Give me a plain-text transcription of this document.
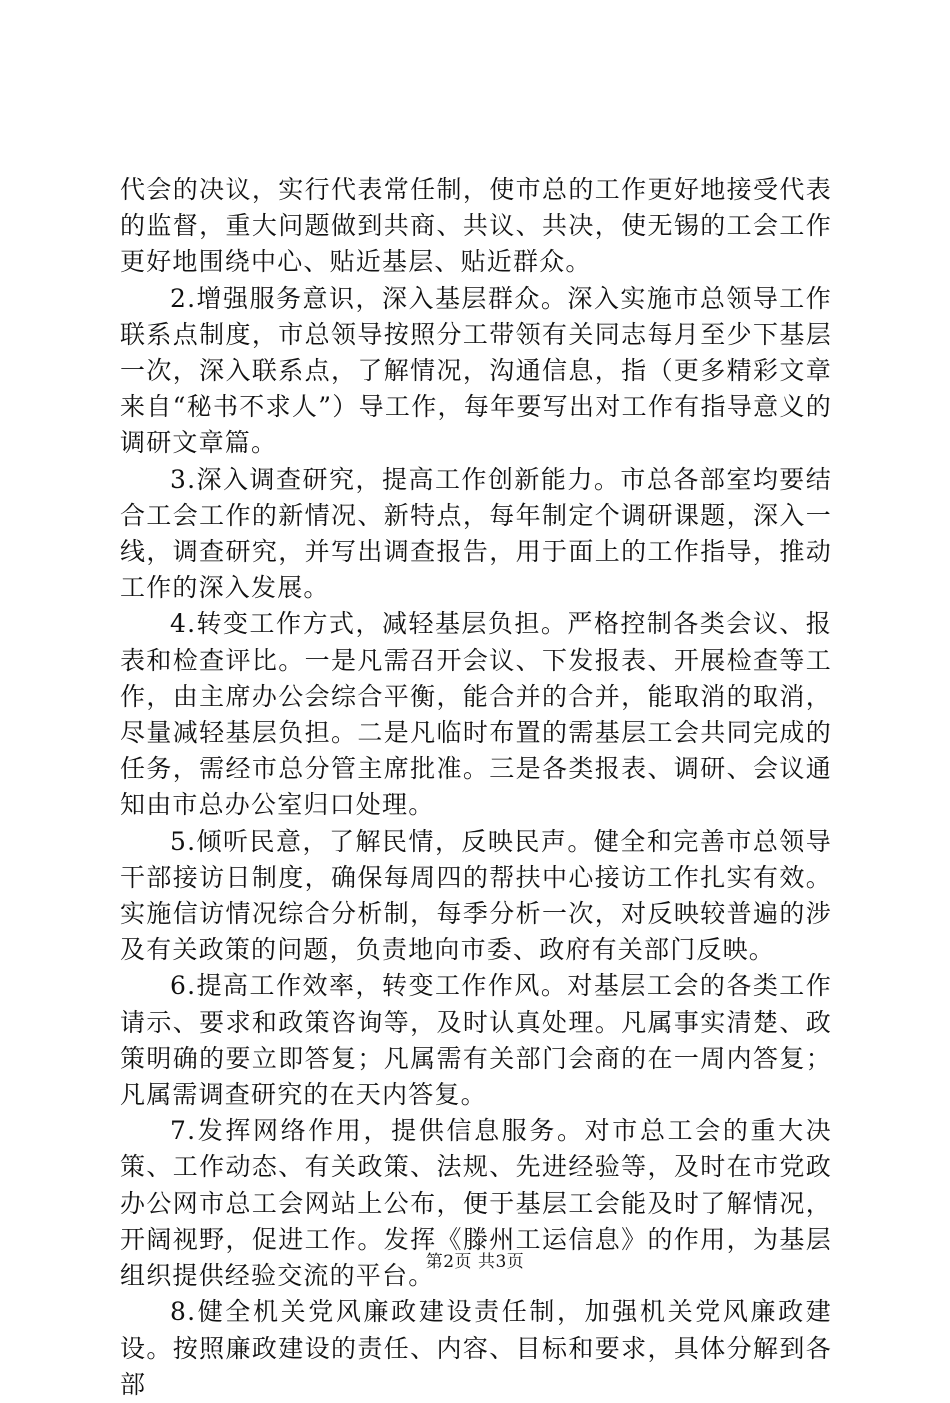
代会的决议，实行代表常任制，使市总的工作更好地接受代表的监督，重大问题做到共商、共议、共决，使无锡的工会工作更好地围绕中心、贴近基层、贴近群众。

2.增强服务意识，深入基层群众。深入实施市总领导工作联系点制度，市总领导按照分工带领有关同志每月至少下基层一次，深入联系点，了解情况，沟通信息，指（更多精彩文章来自“秘书不求人”）导工作，每年要写出对工作有指导意义的调研文章篇。

3.深入调查研究，提高工作创新能力。市总各部室均要结合工会工作的新情况、新特点，每年制定个调研课题，深入一线，调查研究，并写出调查报告，用于面上的工作指导，推动工作的深入发展。

4.转变工作方式，减轻基层负担。严格控制各类会议、报表和检查评比。一是凡需召开会议、下发报表、开展检查等工作，由主席办公会综合平衡，能合并的合并，能取消的取消，尽量减轻基层负担。二是凡临时布置的需基层工会共同完成的任务，需经市总分管主席批准。三是各类报表、调研、会议通知由市总办公室归口处理。

5.倾听民意，了解民情，反映民声。健全和完善市总领导干部接访日制度，确保每周四的帮扶中心接访工作扎实有效。实施信访情况综合分析制，每季分析一次，对反映较普遍的涉及有关政策的问题，负责地向市委、政府有关部门反映。

6.提高工作效率，转变工作作风。对基层工会的各类工作请示、要求和政策咨询等，及时认真处理。凡属事实清楚、政策明确的要立即答复；凡属需有关部门会商的在一周内答复；凡属需调查研究的在天内答复。

7.发挥网络作用，提供信息服务。对市总工会的重大决策、工作动态、有关政策、法规、先进经验等，及时在市党政办公网市总工会网站上公布，便于基层工会能及时了解情况，开阔视野，促进工作。发挥《滕州工运信息》的作用，为基层组织提供经验交流的平台。

8.健全机关党风廉政建设责任制，加强机关党风廉政建设。按照廉政建设的责任、内容、目标和要求，具体分解到各部

第2页 共3页
